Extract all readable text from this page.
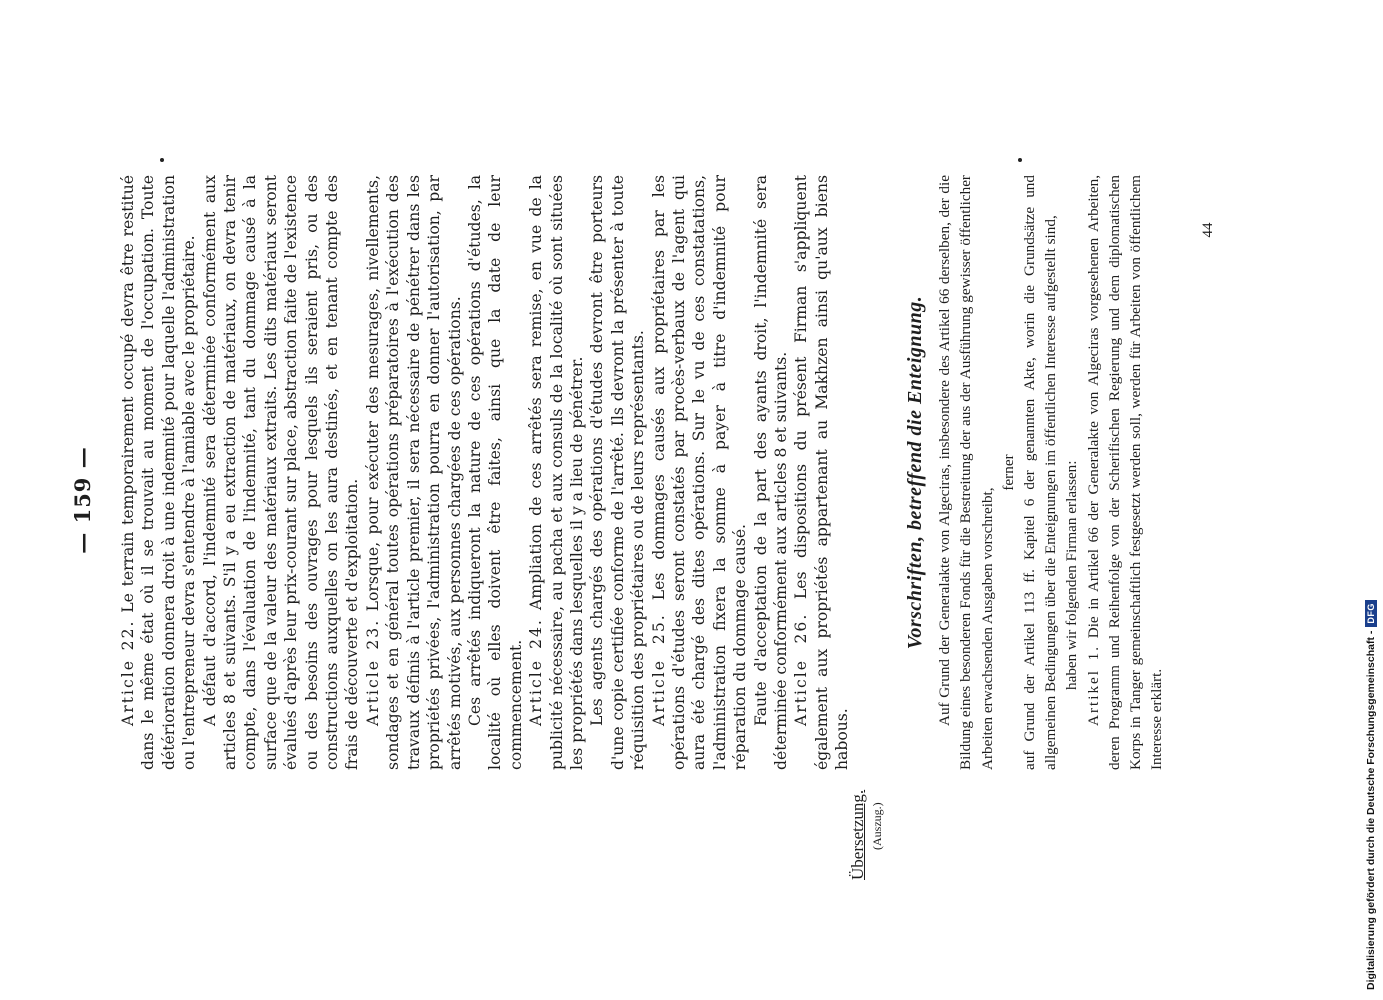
— 159 —

Article 22. Le terrain temporairement occupé devra être restitué dans le même état où il se trouvait au moment de l'occupation. Toute détérioration donnera droit à une indemnité pour laquelle l'administration ou l'entrepreneur devra s'entendre à l'amiable avec le propriétaire. A défaut d'accord, l'indemnité sera déterminée conformément aux articles 8 et suivants. S'il y a eu extraction de matériaux, on devra tenir compte, dans l'évaluation de l'indemnité, tant du dommage causé à la surface que de la valeur des matériaux extraits. Les dits matériaux seront évalués d'après leur prix-courant sur place, abstraction faite de l'existence ou des besoins des ouvrages pour lesquels ils seraient pris, ou des constructions auxquelles on les aura destinés, et en tenant compte des frais de découverte et d'exploitation. Article 23. Lorsque, pour exécuter des mesurages, nivellements, sondages et en général toutes opérations préparatoires à l'exécution des travaux définis à l'article premier, il sera nécessaire de pénétrer dans les propriétés privées, l'administration pourra en donner l'autorisation, par arrêtés motivés, aux personnes chargées de ces opérations. Ces arrêtés indiqueront la nature de ces opérations d'études, la localité où elles doivent être faites, ainsi que la date de leur commencement. Article 24. Ampliation de ces arrêtés sera remise, en vue de la publicité nécessaire, au pacha et aux consuls de la localité où sont situées les propriétés dans lesquelles il y a lieu de pénétrer. Les agents chargés des opérations d'études devront être porteurs d'une copie certifiée conforme de l'arrêté. Ils devront la présenter à toute réquisition des propriétaires ou de leurs représentants. Article 25. Les dommages causés aux propriétaires par les opérations d'études seront constatés par procès-verbaux de l'agent qui aura été chargé des dites opérations. Sur le vu de ces constatations, l'administration fixera la somme à payer à titre d'indemnité pour réparation du dommage causé. Faute d'acceptation de la part des ayants droit, l'indemnité sera déterminée conformément aux articles 8 et suivants. Article 26. Les dispositions du présent Firman s'appliquent également aux propriétés appartenant au Makhzen ainsi qu'aux biens habous.

Übersetzung. (Auszug.)
Vorschriften, betreffend die Enteignung. Auf Grund der Generalakte von Algeciras, insbesondere des Artikel 66 derselben, der die Bildung eines besonderen Fonds für die Bestreitung der aus der Ausführung gewisser öffentlicher Arbeiten erwachsenden Ausgaben vorschreibt,

ferner auf Grund der Artikel 113 ff. Kapitel 6 der genannten Akte, worin die Grundsätze und allgemeinen Bedingungen über die Enteignungen im öffentlichen Interesse aufgestellt sind, haben wir folgenden Firman erlassen: Artikel 1. Die in Artikel 66 der Generalakte von Algeciras vorgesehenen Arbeiten, deren Programm und Reihenfolge von der Scherifischen Regierung und dem diplomatischen Korps in Tanger gemeinschaftlich festgesetzt werden soll, werden für Arbeiten von öffentlichem Interesse erklärt.

44
Digitalisierung gefördert durch die Deutsche Forschungsgemeinschaft -DFG
